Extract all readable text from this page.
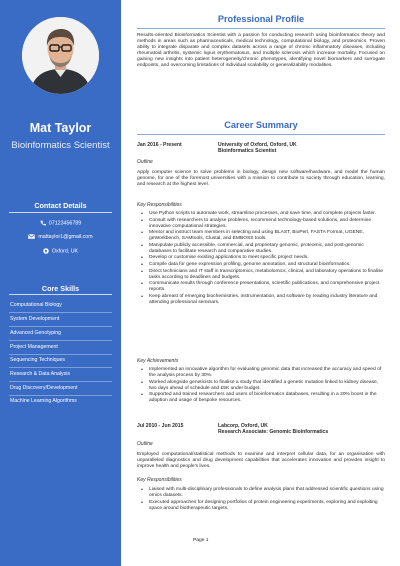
Mat Taylor
Bioinformatics Scientist
Contact Details
07123456789
mattaylor1@gmail.com
Oxford, UK
Core Skills
Computational Biology
System Development
Advanced Genotyping
Project Management
Sequencing Techniques
Research & Data Analysis
Drug Discovery/Development
Machine Learning Algorithms
Professional Profile
Results-oriented Bioinformatics Scientist with a passion for conducting research using bioinformatics theory and methods in areas such as pharmaceuticals, medical technology, computational biology, and proteomics. Proven ability to integrate disparate and complex datasets across a range of chronic inflammatory diseases, including rheumatoid arthritis, systemic lupus erythematosus, and multiple sclerosis which increase mortality. Focused on gaining new insights into patient heterogeneity/chronic phenotypes, identifying novel biomarkers and surrogate endpoints, and overcoming limitations of individual scalability or generalizability modalities.
Career Summary
Jan 2016 - Present	University of Oxford, Oxford, UK
Bioinformatics Scientist
Outline
Apply computer science to solve problems in biology, design new software/hardware, and model the human genome, for one of the foremost universities with a mission to contribute to society through education, learning, and research at the highest level.
Key Responsibilities
• Use Python scripts to automate work, streamline processes, and save time, and complete projects faster.
• Consult with researchers to analyse problems, recommend technology-based solutions, and determine innovative computational strategies.
• Mentor and instruct team members in selecting and using BLAST, BioPerl, FASTA Format, UGENE, geWorkbench, SAMtools, Clustal, and EMBOSS tools.
• Manipulate publicly accessible, commercial, and proprietary genomic, proteomic, and post-genomic databases to facilitate research and comparative studies.
• Develop or customise existing applications to meet specific project needs.
• Compile data for gene expression profiling, genome annotation, and structural bioinformatics.
• Direct technicians and IT staff in transcriptomics, metabolomics, clinical, and laboratory operations to finalise tasks according to deadlines and budgets.
• Communicate results through conference presentations, scientific publications, and comprehensive project reports.
• Keep abreast of emerging biochemistries, instrumentation, and software by reading industry literature and attending professional seminars.
Key Achievements
• Implemented an innovative algorithm for evaluating genomic data that increased the accuracy and speed of the analysis process by 30%.
• Worked alongside geneticists to finalise a study that identified a genetic mutation linked to kidney disease, two days ahead of schedule and £5K under budget.
• Supported and trained researchers and users of bioinformatics databases, resulting in a 20% boost in the adoption and usage of bespoke resources.
Jul 2010 - Jun 2015	Labcorp, Oxford, UK
Research Associate: Genomic Bioinformatics
Outline
Employed computational/statistical methods to examine and interpret cellular data, for an organisation with unparalleled diagnostics and drug development capabilities that accelerates innovation and provides insight to improve health and people's lives.
Key Responsibilities
• Liaised with multi-disciplinary professionals to define analysis plans that addressed scientific questions using omics datasets.
• Executed approaches for designing portfolios of protein engineering experiments, exploring and exploiting space around biotherapeutic targets.
Page 1
